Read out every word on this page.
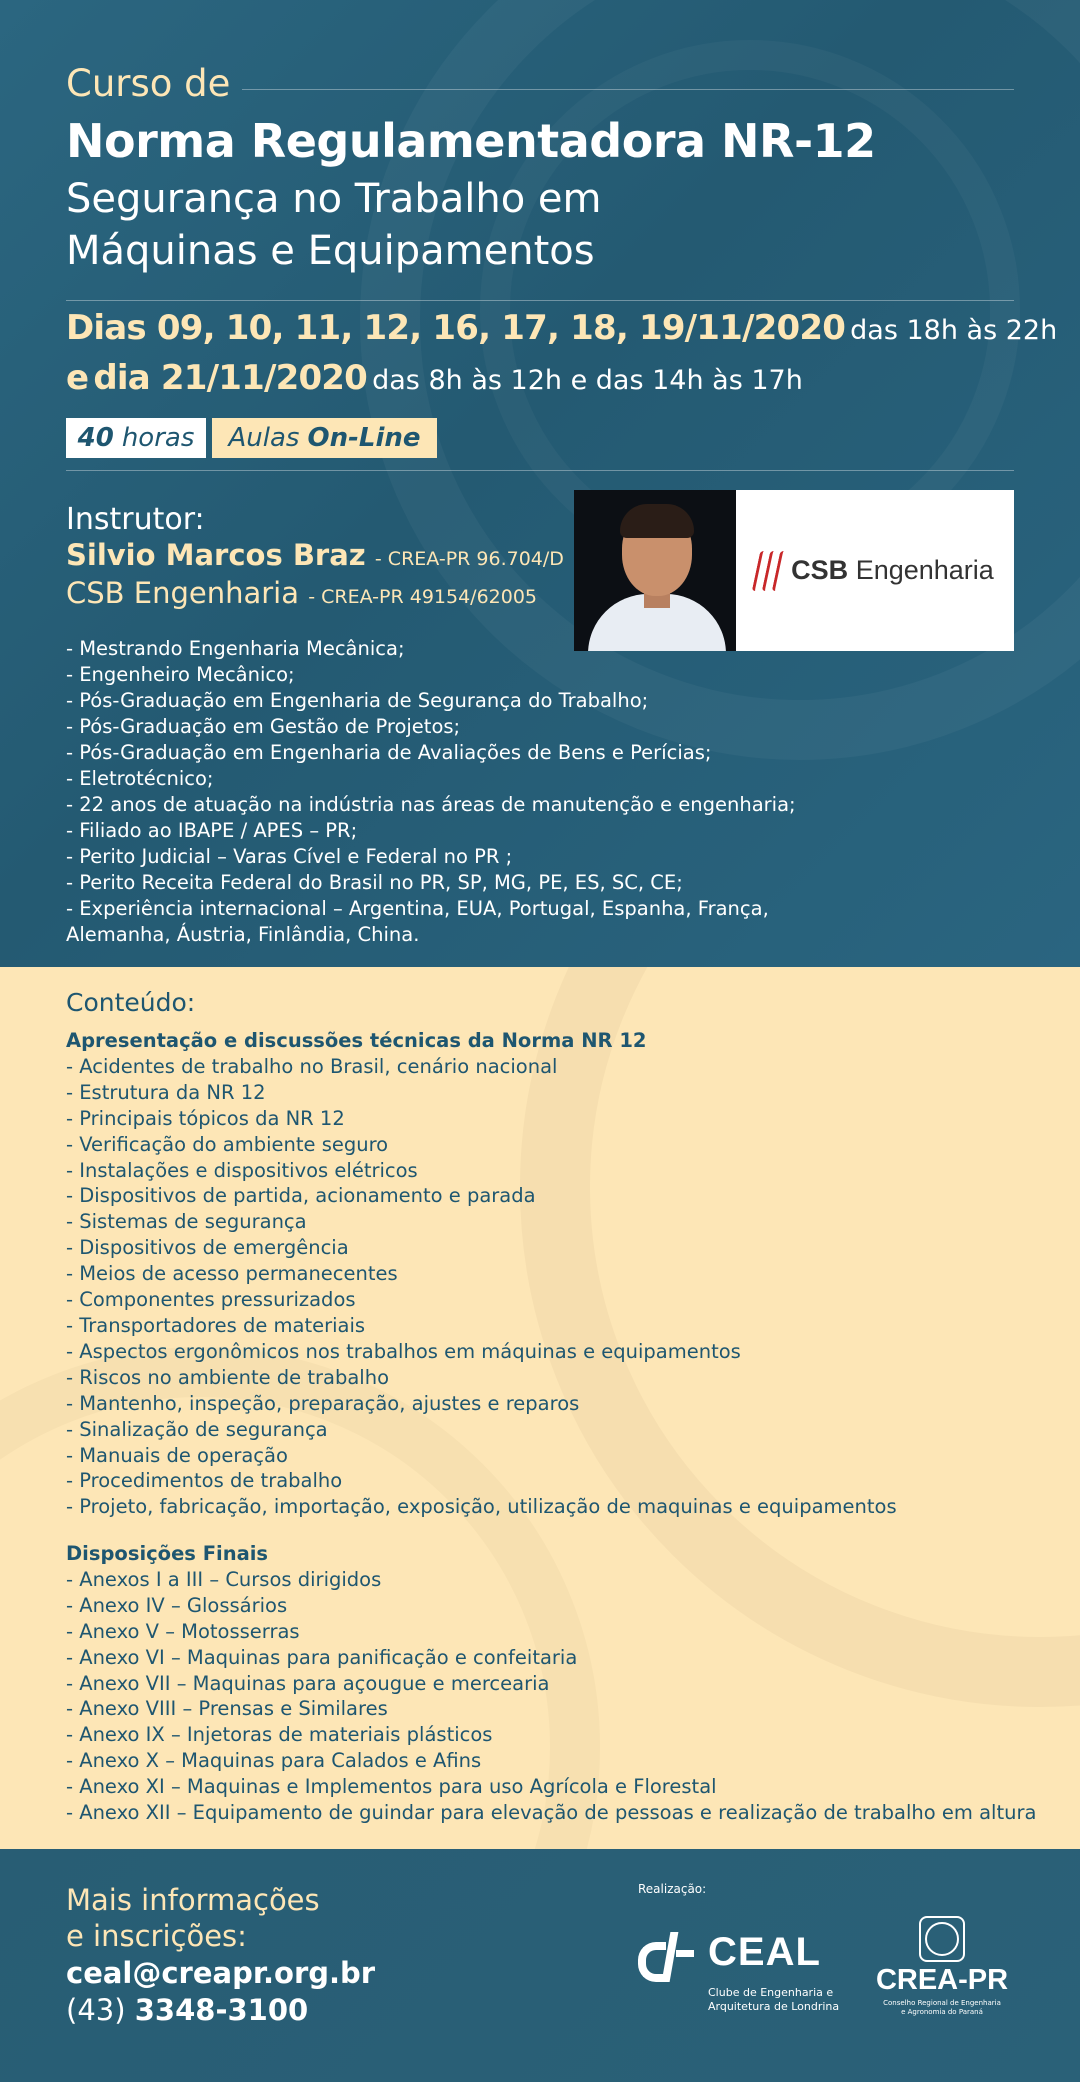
Curso de
Norma Regulamentadora NR-12
Segurança no Trabalho em
Máquinas e Equipamentos
Dias 09, 10, 11, 12, 16, 17, 18, 19/11/2020 das 18h às 22h
e dia 21/11/2020 das 8h às 12h e das 14h às 17h
40 horas Aulas On-Line
Instrutor:
Silvio Marcos Braz - CREA-PR 96.704/D
CSB Engenharia - CREA-PR 49154/62005
CSB Engenharia
- Mestrando Engenharia Mecânica;
- Engenheiro Mecânico;
- Pós-Graduação em Engenharia de Segurança do Trabalho;
- Pós-Graduação em Gestão de Projetos;
- Pós-Graduação em Engenharia de Avaliações de Bens e Perícias;
- Eletrotécnico;
- 22 anos de atuação na indústria nas áreas de manutenção e engenharia;
- Filiado ao IBAPE / APES – PR;
- Perito Judicial – Varas Cível e Federal no PR ;
- Perito Receita Federal do Brasil no PR, SP, MG, PE, ES, SC, CE;
- Experiência internacional – Argentina, EUA, Portugal, Espanha, França,
Alemanha, Áustria, Finlândia, China.
Conteúdo:
Apresentação e discussões técnicas da Norma NR 12
- Acidentes de trabalho no Brasil, cenário nacional
- Estrutura da NR 12
- Principais tópicos da NR 12
- Verificação do ambiente seguro
- Instalações e dispositivos elétricos
- Dispositivos de partida, acionamento e parada
- Sistemas de segurança
- Dispositivos de emergência
- Meios de acesso permanecentes
- Componentes pressurizados
- Transportadores de materiais
- Aspectos ergonômicos nos trabalhos em máquinas e equipamentos
- Riscos no ambiente de trabalho
- Mantenho, inspeção, preparação, ajustes e reparos
- Sinalização de segurança
- Manuais de operação
- Procedimentos de trabalho
- Projeto, fabricação, importação, exposição, utilização de maquinas e equipamentos
Disposições Finais
- Anexos I a III – Cursos dirigidos
- Anexo IV – Glossários
- Anexo V – Motosserras
- Anexo VI – Maquinas para panificação e confeitaria
- Anexo VII – Maquinas para açougue e mercearia
- Anexo VIII – Prensas e Similares
- Anexo IX – Injetoras de materiais plásticos
- Anexo X – Maquinas para Calados e Afins
- Anexo XI – Maquinas e Implementos para uso Agrícola e Florestal
- Anexo XII – Equipamento de guindar para elevação de pessoas e realização de trabalho em altura
Mais informações
e inscrições:
ceal@creapr.org.br
(43) 3348-3100
Realização:
CEAL
Clube de Engenharia e
Arquitetura de Londrina
CREA-PR
Conselho Regional de Engenharia
e Agronomia do Paraná
